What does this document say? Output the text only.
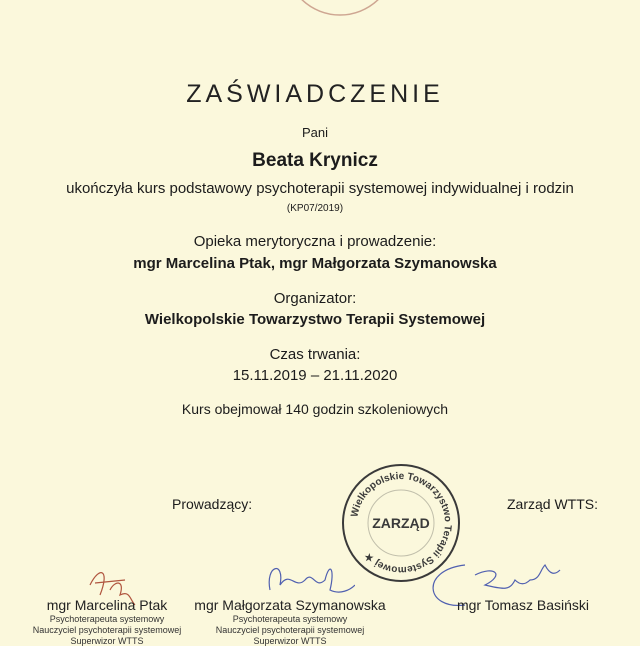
ZAŚWIADCZENIE
Pani
Beata Krynicz
ukończyła kurs podstawowy psychoterapii systemowej indywidualnej i rodzin
(KP07/2019)
Opieka merytoryczna i prowadzenie:
mgr Marcelina Ptak, mgr Małgorzata Szymanowska
Organizator:
Wielkopolskie Towarzystwo Terapii Systemowej
Czas trwania:
15.11.2019 – 21.11.2020
Kurs obejmował 140 godzin szkoleniowych
Prowadzący:	Zarząd WTTS:
Wielkopolskie Towarzystwo Terapii Systemowej ★
ZARZĄD
mgr Marcelina Ptak
Psychoterapeuta systemowy
Nauczyciel psychoterapii systemowej
Superwizor WTTS
mgr Małgorzata Szymanowska
Psychoterapeuta systemowy
Nauczyciel psychoterapii systemowej
Superwizor WTTS
mgr Tomasz Basiński
